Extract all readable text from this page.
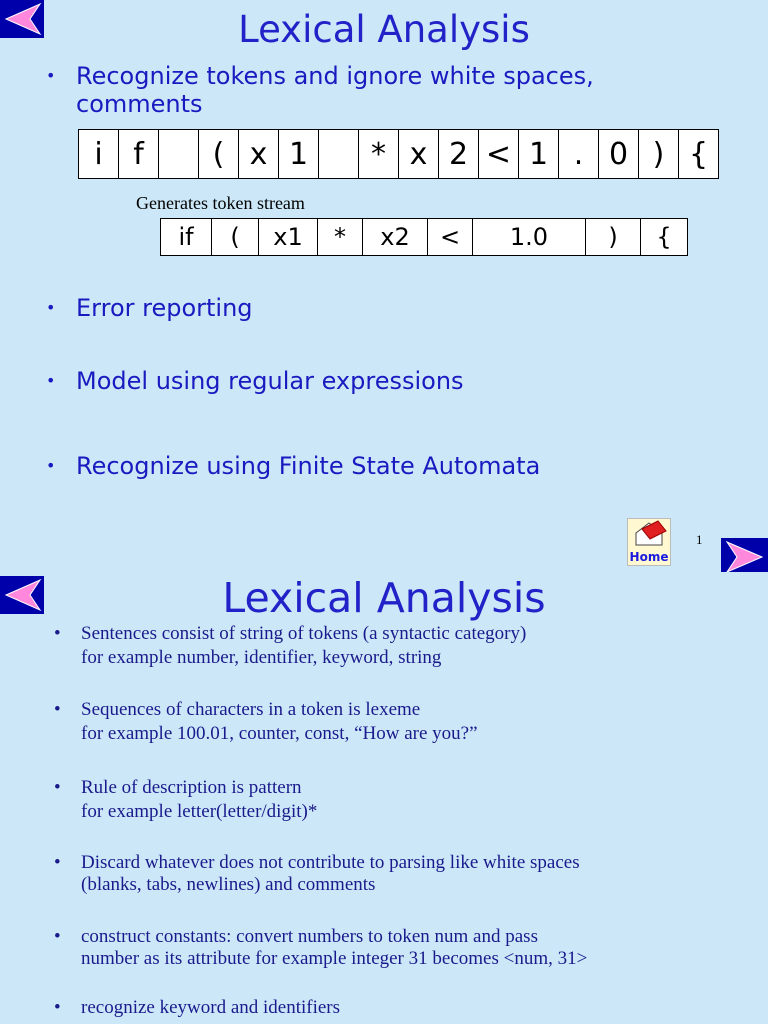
Lexical Analysis
• Recognize tokens and ignore white spaces,
comments
i	f		(	x	1		*	x	2	<	1	.	0	)	{
Generates token stream
if	(	x1	*	x2	<	1.0	)	{
• Error reporting
• Model using regular expressions
• Recognize using Finite State Automata
Home
1
Lexical Analysis
• Sentences consist of string of tokens (a syntactic category)
for example number, identifier, keyword, string
• Sequences of characters in a token is lexeme
for example 100.01, counter, const, “How are you?”
• Rule of description is pattern
for example letter(letter/digit)*
• Discard whatever does not contribute to parsing like white spaces
(blanks, tabs, newlines) and comments
• construct constants: convert numbers to token num and pass
number as its attribute for example integer 31 becomes <num, 31>
• recognize keyword and identifiers
